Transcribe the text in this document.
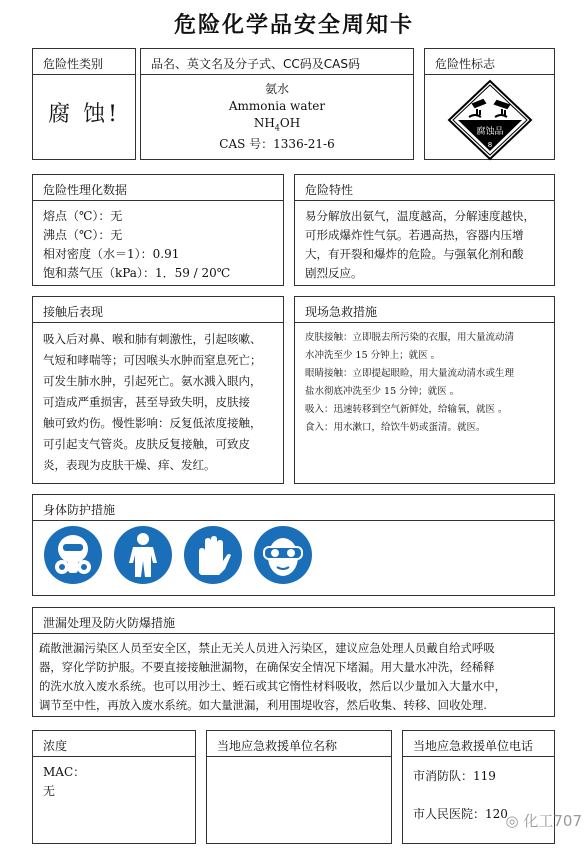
危险化学品安全周知卡
危险性类别
腐 蚀!
品名、英文名及分子式、CC码及CAS码
氨水
Ammonia water
$NH_4OH$
CAS 号：1336-21-6
危险性标志
腐蚀品
8
危险性理化数据
熔点（℃）：无
沸点（℃）：无
相对密度（水＝1）：0.91
饱和蒸气压（kPa）：1．59 / 20℃
危险特性
易分解放出氨气，温度越高，分解速度越快，
可形成爆炸性气氛。若遇高热，容器内压增
大，有开裂和爆炸的危险。与强氧化剂和酸
剧烈反应。
接触后表现
吸入后对鼻、喉和肺有刺激性，引起咳嗽、
气短和哮喘等；可因喉头水肿而窒息死亡；
可发生肺水肿，引起死亡。氨水溅入眼内，
可造成严重损害，甚至导致失明，皮肤接
触可致灼伤。慢性影响：反复低浓度接触，
可引起支气管炎。皮肤反复接触，可致皮
炎，表现为皮肤干燥、痒、发红。
现场急救措施
皮肤接触：立即脱去所污染的衣服，用大量流动清
水冲洗至少 15 分钟上；就医 。
眼睛接触：立即提起眼睑，用大量流动清水或生理
盐水彻底冲洗至少 15 分钟；就医 。
吸入：迅速转移到空气新鲜处，给输氧，就医 。
食入：用水漱口，给饮牛奶或蛋清。就医。
身体防护措施
泄漏处理及防火防爆措施
疏散泄漏污染区人员至安全区，禁止无关人员进入污染区，建议应急处理人员戴自给式呼吸
器，穿化学防护服。不要直接接触泄漏物，在确保安全情况下堵漏。用大量水冲洗，经稀释
的洗水放入废水系统。也可以用沙土、蛭石或其它惰性材料吸收，然后以少量加入大量水中，
调节至中性，再放入废水系统。如大量泄漏，利用围堤收容，然后收集、转移、回收处理.
浓度
MAC：
无
当地应急救援单位名称	当地应急救援单位电话
市消防队：119
市人民医院：120
◎ 化工707
